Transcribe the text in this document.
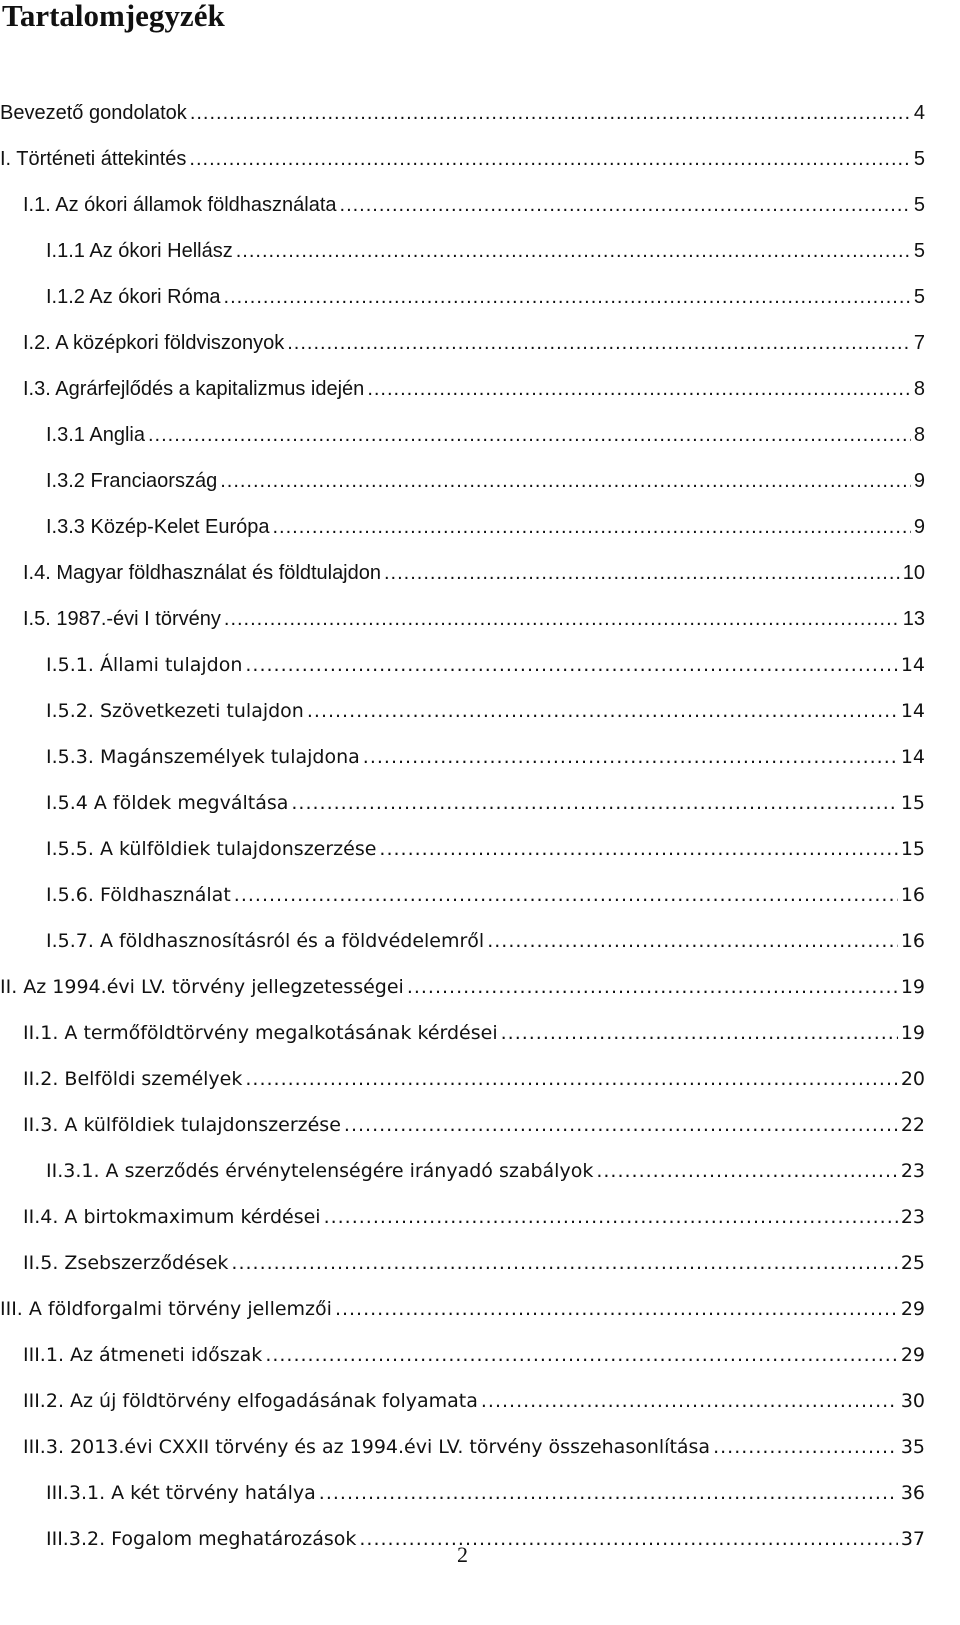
Tartalomjegyzék
Bevezető gondolatok .....	4
I. Történeti áttekintés .....	5
I.1. Az ókori államok földhasználata .....	5
I.1.1 Az ókori Hellász .....	5
I.1.2 Az ókori Róma .....	5
I.2. A középkori földviszonyok .....	7
I.3. Agrárfejlődés a kapitalizmus idején .....	8
I.3.1 Anglia .....	8
I.3.2 Franciaország .....	9
I.3.3 Közép-Kelet Európa .....	9
I.4. Magyar földhasználat és földtulajdon .....	10
I.5. 1987.-évi I törvény .....	13
I.5.1. Állami tulajdon .....	14
I.5.2. Szövetkezeti tulajdon .....	14
I.5.3. Magánszemélyek tulajdona .....	14
I.5.4 A földek megváltása .....	15
I.5.5. A külföldiek tulajdonszerzése .....	15
I.5.6. Földhasználat .....	16
I.5.7. A földhasznosításról és a földvédelemről .....	16
II. Az 1994.évi LV. törvény jellegzetességei .....	19
II.1. A termőföldtörvény megalkotásának kérdései .....	19
II.2. Belföldi személyek .....	20
II.3. A külföldiek tulajdonszerzése .....	22
II.3.1. A szerződés érvénytelenségére irányadó szabályok .....	23
II.4. A birtokmaximum kérdései .....	23
II.5. Zsebszerződések .....	25
III. A földforgalmi törvény jellemzői .....	29
III.1. Az átmeneti időszak .....	29
III.2. Az új földtörvény elfogadásának folyamata .....	30
III.3. 2013.évi CXXII törvény és az 1994.évi LV. törvény összehasonlítása .....	35
III.3.1. A két törvény hatálya .....	36
III.3.2. Fogalom meghatározások .....	37
2
